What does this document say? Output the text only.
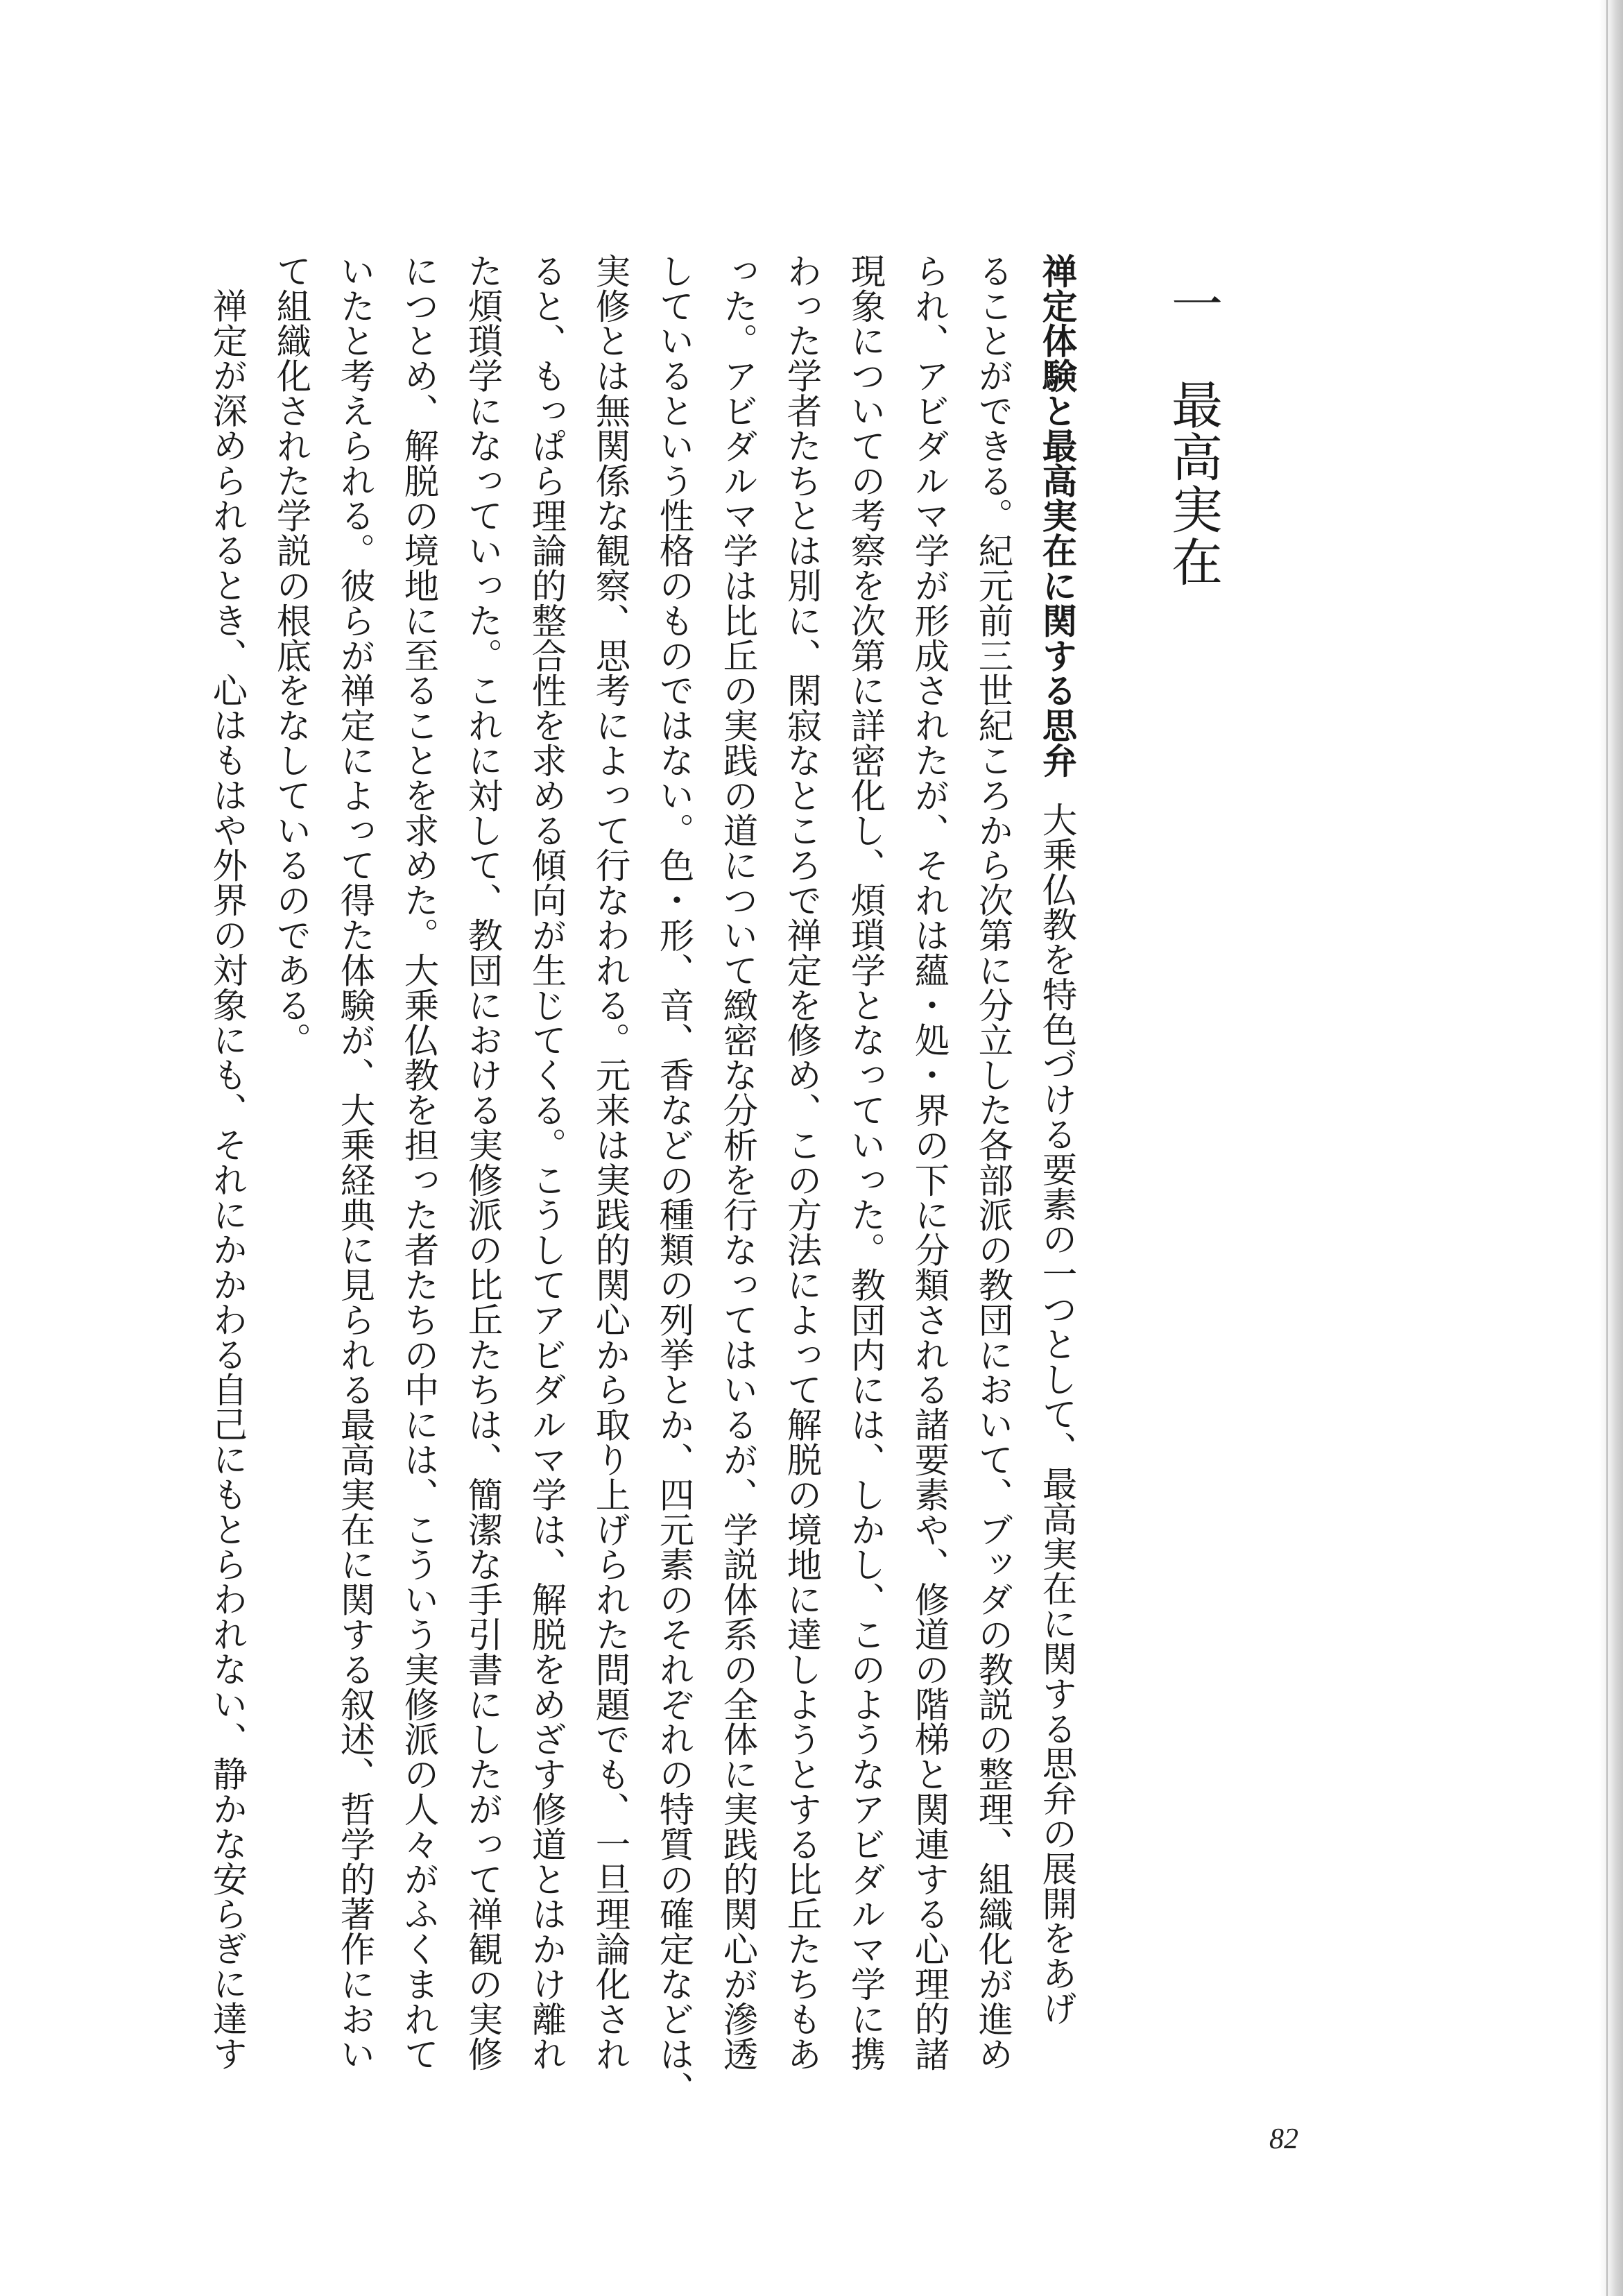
一最高実在
禅定体験と最高実在に関する思弁大乗仏教を特色づける要素の一つとして、最高実在に関する思弁の展開をあげ
ることができる。紀元前三世紀ころから次第に分立した各部派の教団において、ブッダの教説の整理、組織化が進め
られ、アビダルマ学が形成されたが、それは蘊・処・界の下に分類される諸要素や、修道の階梯と関連する心理的諸
現象についての考察を次第に詳密化し、煩瑣学となっていった。教団内には、しかし、このようなアビダルマ学に携
わった学者たちとは別に、閑寂なところで禅定を修め、この方法によって解脱の境地に達しようとする比丘たちもあ
った。アビダルマ学は比丘の実践の道について緻密な分析を行なってはいるが、学説体系の全体に実践的関心が滲透
しているという性格のものではない。色・形、音、香などの種類の列挙とか、四元素のそれぞれの特質の確定などは、
実修とは無関係な観察、思考によって行なわれる。元来は実践的関心から取り上げられた問題でも、一旦理論化され
ると、もっぱら理論的整合性を求める傾向が生じてくる。こうしてアビダルマ学は、解脱をめざす修道とはかけ離れ
た煩瑣学になっていった。これに対して、教団における実修派の比丘たちは、簡潔な手引書にしたがって禅観の実修
につとめ、解脱の境地に至ることを求めた。大乗仏教を担った者たちの中には、こういう実修派の人々がふくまれて
いたと考えられる。彼らが禅定によって得た体験が、大乗経典に見られる最高実在に関する叙述、哲学的著作におい
て組織化された学説の根底をなしているのである。
禅定が深められるとき、心はもはや外界の対象にも、それにかかわる自己にもとらわれない、静かな安らぎに達す
82
